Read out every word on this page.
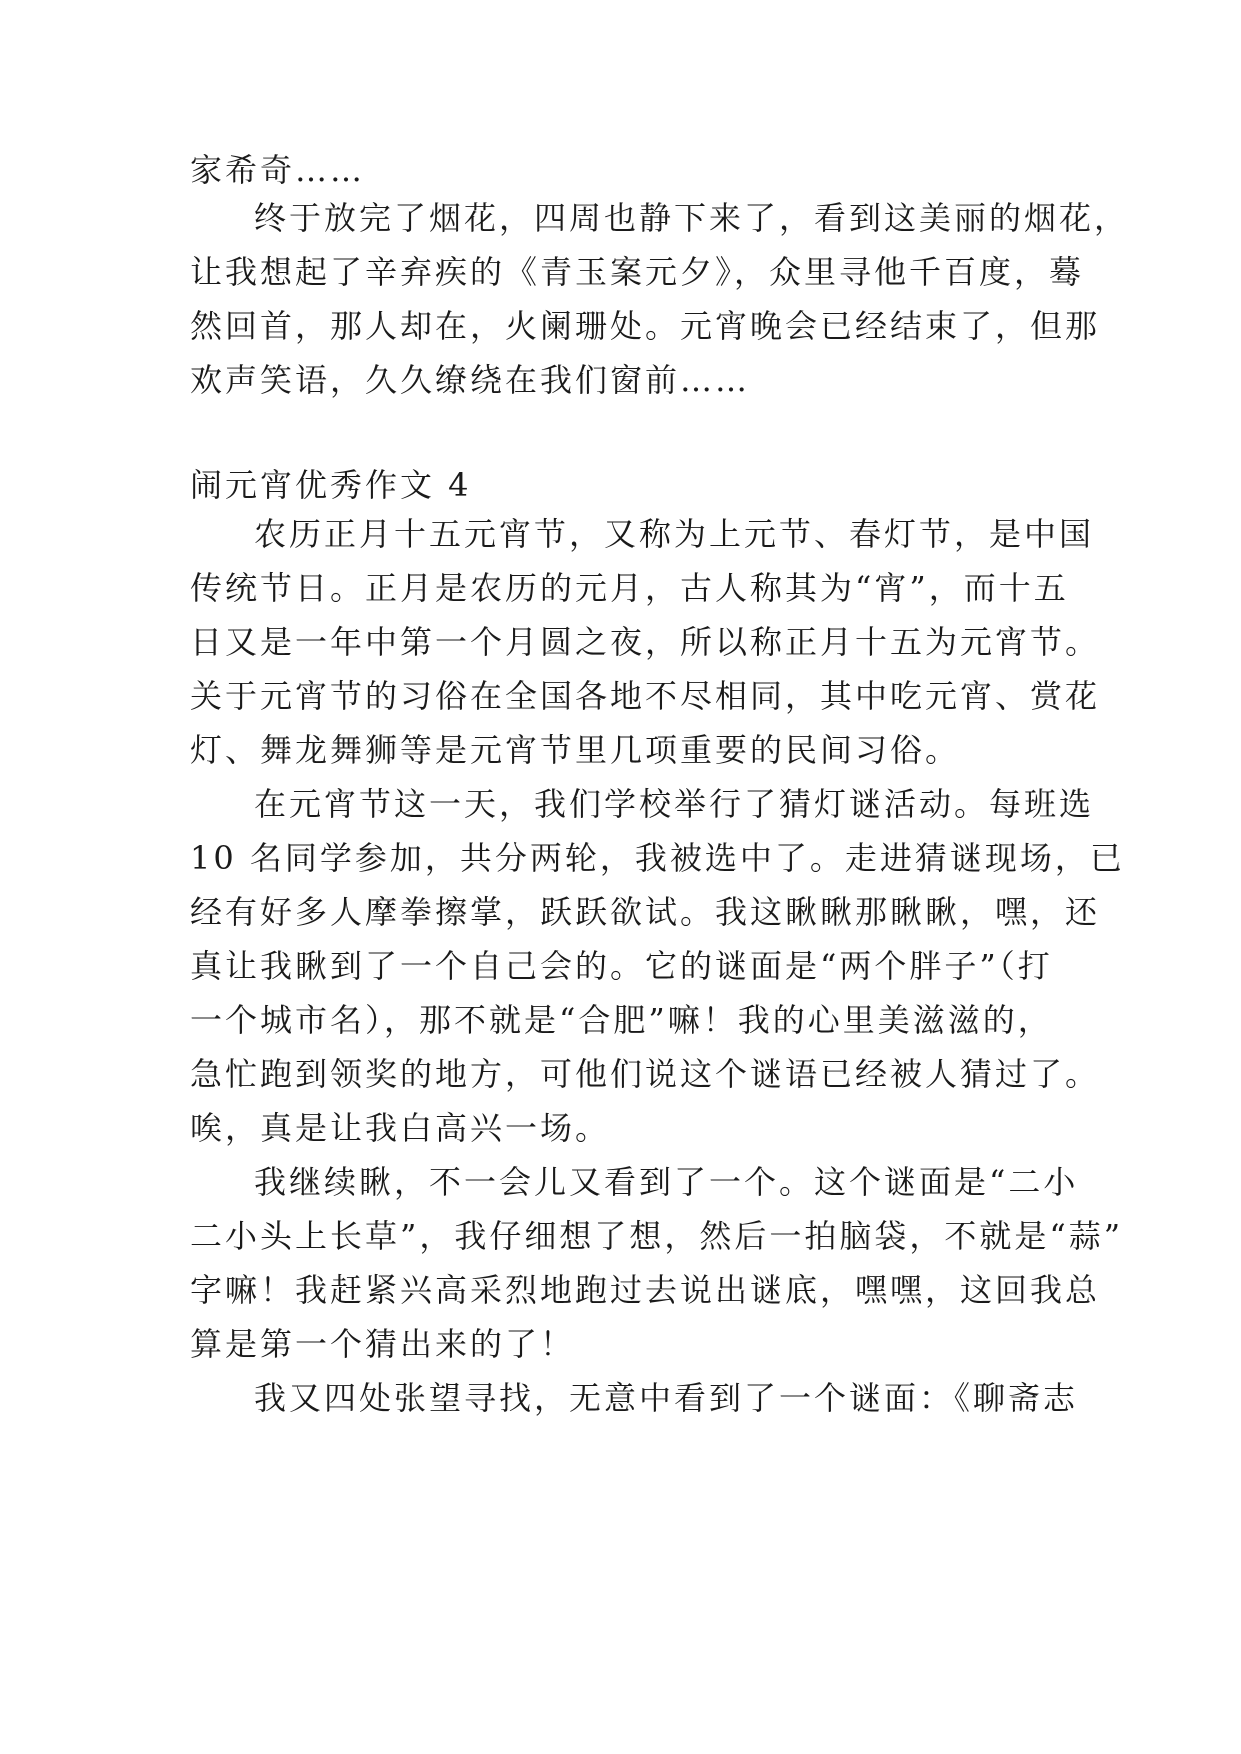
家希奇……
终于放完了烟花，四周也静下来了，看到这美丽的烟花，
让我想起了辛弃疾的《青玉案元夕》，众里寻他千百度，蓦
然回首，那人却在，火阑珊处。元宵晚会已经结束了，但那
欢声笑语，久久缭绕在我们窗前……
闹元宵优秀作文 4
农历正月十五元宵节，又称为上元节、春灯节，是中国
传统节日。正月是农历的元月，古人称其为“宵”，而十五
日又是一年中第一个月圆之夜，所以称正月十五为元宵节。
关于元宵节的习俗在全国各地不尽相同，其中吃元宵、赏花
灯、舞龙舞狮等是元宵节里几项重要的民间习俗。
在元宵节这一天，我们学校举行了猜灯谜活动。每班选
10 名同学参加，共分两轮，我被选中了。走进猜谜现场，已
经有好多人摩拳擦掌，跃跃欲试。我这瞅瞅那瞅瞅，嘿，还
真让我瞅到了一个自己会的。它的谜面是“两个胖子”（打
一个城市名），那不就是“合肥”嘛！我的心里美滋滋的，
急忙跑到领奖的地方，可他们说这个谜语已经被人猜过了。
唉，真是让我白高兴一场。
我继续瞅，不一会儿又看到了一个。这个谜面是“二小
二小头上长草”，我仔细想了想，然后一拍脑袋，不就是“蒜”
字嘛！我赶紧兴高采烈地跑过去说出谜底，嘿嘿，这回我总
算是第一个猜出来的了！
我又四处张望寻找，无意中看到了一个谜面：《聊斋志
